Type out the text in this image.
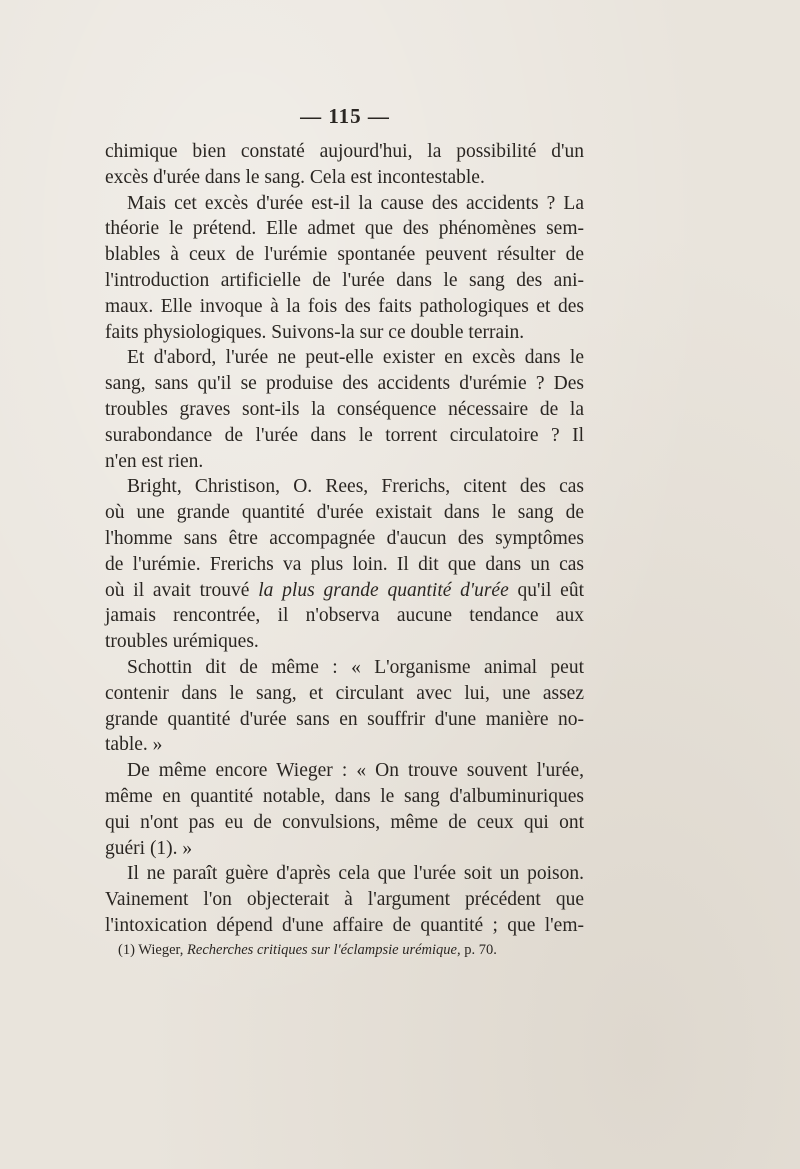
— 115 —
chimique bien constaté aujourd'hui, la possibilité d'un
excès d'urée dans le sang. Cela est incontestable.
Mais cet excès d'urée est-il la cause des accidents ? La
théorie le prétend. Elle admet que des phénomènes sem-
blables à ceux de l'urémie spontanée peuvent résulter de
l'introduction artificielle de l'urée dans le sang des ani-
maux. Elle invoque à la fois des faits pathologiques et des
faits physiologiques. Suivons-la sur ce double terrain.
Et d'abord, l'urée ne peut-elle exister en excès dans le
sang, sans qu'il se produise des accidents d'urémie ? Des
troubles graves sont-ils la conséquence nécessaire de la
surabondance de l'urée dans le torrent circulatoire ? Il
n'en est rien.
Bright, Christison, O. Rees, Frerichs, citent des cas
où une grande quantité d'urée existait dans le sang de
l'homme sans être accompagnée d'aucun des symptômes
de l'urémie. Frerichs va plus loin. Il dit que dans un cas
où il avait trouvé la plus grande quantité d'urée qu'il eût
jamais rencontrée, il n'observa aucune tendance aux
troubles urémiques.
Schottin dit de même : « L'organisme animal peut
contenir dans le sang, et circulant avec lui, une assez
grande quantité d'urée sans en souffrir d'une manière no-
table. »
De même encore Wieger : « On trouve souvent l'urée,
même en quantité notable, dans le sang d'albuminuriques
qui n'ont pas eu de convulsions, même de ceux qui ont
guéri (1). »
Il ne paraît guère d'après cela que l'urée soit un poison.
Vainement l'on objecterait à l'argument précédent que
l'intoxication dépend d'une affaire de quantité ; que l'em-
(1) Wieger, Recherches critiques sur l'éclampsie urémique, p. 70.
